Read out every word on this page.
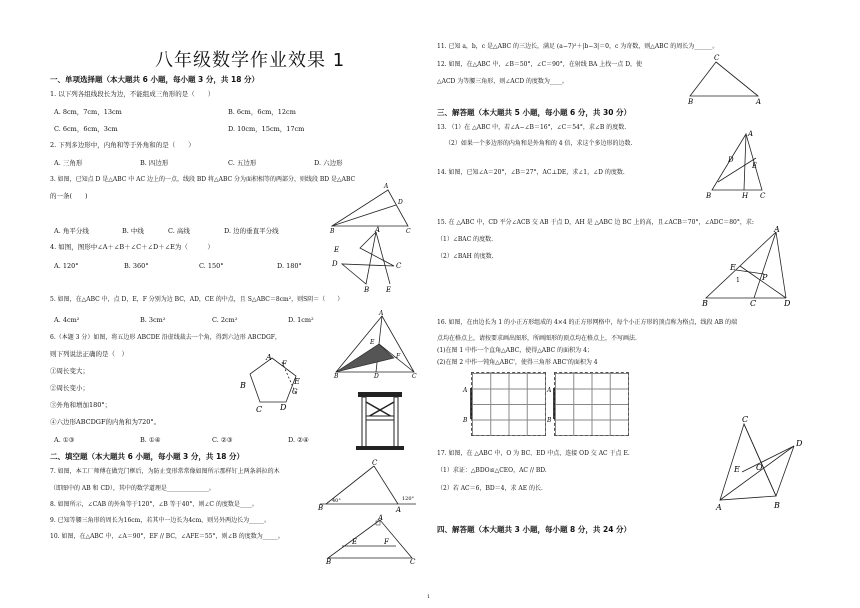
八年级数学作业效果 1
一、单项选择题（本大题共 6 小题，每小题 3 分，共 18 分）
1. 以下列各组线段长为边，不能组成三角形的是（　　）
A. 8cm，7cm，13cm	B. 6cm，6cm，12cm
C. 6cm，6cm，3cm	D. 10cm，15cm，17cm
2. 下列多边形中，内角和等于外角和的是（　　）
A. 三角形	B. 四边形	C. 五边形	D. 六边形
3. 如图，已知点 D 是△ABC 中 AC 边上的一点，线段 BD 将△ABC 分为面积相等的两部分，则线段 BD 是△ABC
的一条(　　)
A. 角平分线	B. 中线	C. 高线	D. 边的垂直平分线
4. 如图，图形中∠A＋∠B＋∠C＋∠D＋∠E为（　　　）
A. 120°	B. 360°	C. 150°	D. 180°
5. 如图，在△ABC 中，点 D，E，F 分别为边 BC，AD，CE 的中点，且 S△ABC＝8cm²，则S阴＝（　　）
A. 4cm²	B. 3cm²	C. 2cm²	D. 1cm²
6.（本题 3 分）如图，将五边形 ABCDE 沿虚线裁去一个角，得到六边形 ABCDGF，
则下列说法正确的是（　）
①周长变大；
②周长变小；
③外角和增加180°；
④六边形ABCDGF的内角和为720°。
A. ①③	B. ①④	C. ②③	D. ②④
二、填空题（本大题共 6 小题，每小题 3 分，共 18 分）
7. 如图，本工厂师傅在做完门框后，为防止变形常常像如图所示那样钉上两条斜拉的木
（即图中的 AB 和 CD），其中的数学道理是______________。
8. 如图所示，∠CAB 的外角等于120°，∠B 等于40°，则∠C 的度数是____。
9. 已知等腰三角形的周长为16cm，若其中一边长为4cm，则另外两边长为_____。
10. 如图，在△ABC 中，∠A＝90°，EF // BC，∠AFE＝55°，则∠B 的度数为_____。
A
B	C
D
A
D
E
C
B E
A
B	C
D
E
F
A
B
C D
E
F
G
C
B	A
40°	120°
A
B	C
E	F
11. 已知 a，b，c 是△ABC 的三边长，满足 (a−7)²＋|b−3|＝0，c 为奇数，则△ABC 的周长为______。
12. 如图，在△ABC 中，∠B＝50°，∠C＝90°，在射线 BA 上找一点 D，使
△ACD 为等腰三角形，则∠ACD 的度数为____。
C
B	A
三、解答题（本大题共 5 小题，每小题 6 分，共 30 分）
13. （1）在 △ABC 中，若∠A−∠B＝16°，∠C＝54°，求∠B 的度数.
（2）如果一个多边形的内角和是外角和的 4 倍，求这个多边形的边数.
14. 如图，已知∠A＝20°，∠B＝27°，AC⊥DE，求∠1，∠D 的度数.
A
B	H C
D
E
15. 在 △ABC 中，CD 平分∠ACB 交 AB 于点 D，AH 是 △ABC 边 BC 上的高，且∠ACB＝70°，∠ADC＝80°，求:
（1）∠BAC 的度数.
（2）∠BAH 的度数.
A
B	C	D
E
P
1
16. 如图，在由边长为 1 的小正方形组成的 4×4 的正方形网格中，每个小正方形的顶点称为格点，线段 AB 的端
点均在格点上，请按要求画出图形，所画图形的顶点均在格点上，不写画法.
(1)在图 1 中作一个直角△ABC，使得△ABC 的面积为 4；
(2)在图 2 中作一钝角△ABC'，使得三角形 ABC'的面积为 4
A
B
A
B
17. 如图，在 △ABC 中，O 为 BC、ED 中点，连接 OD 交 AC 于点 E.
（1）求证：△BDO≌△CEO，AC // BD.
（2）若 AC＝6，BD＝4，求 AE 的长.
C
A	B
D
E O
四、解答题（本大题共 3 小题，每小题 8 分，共 24 分）
1
